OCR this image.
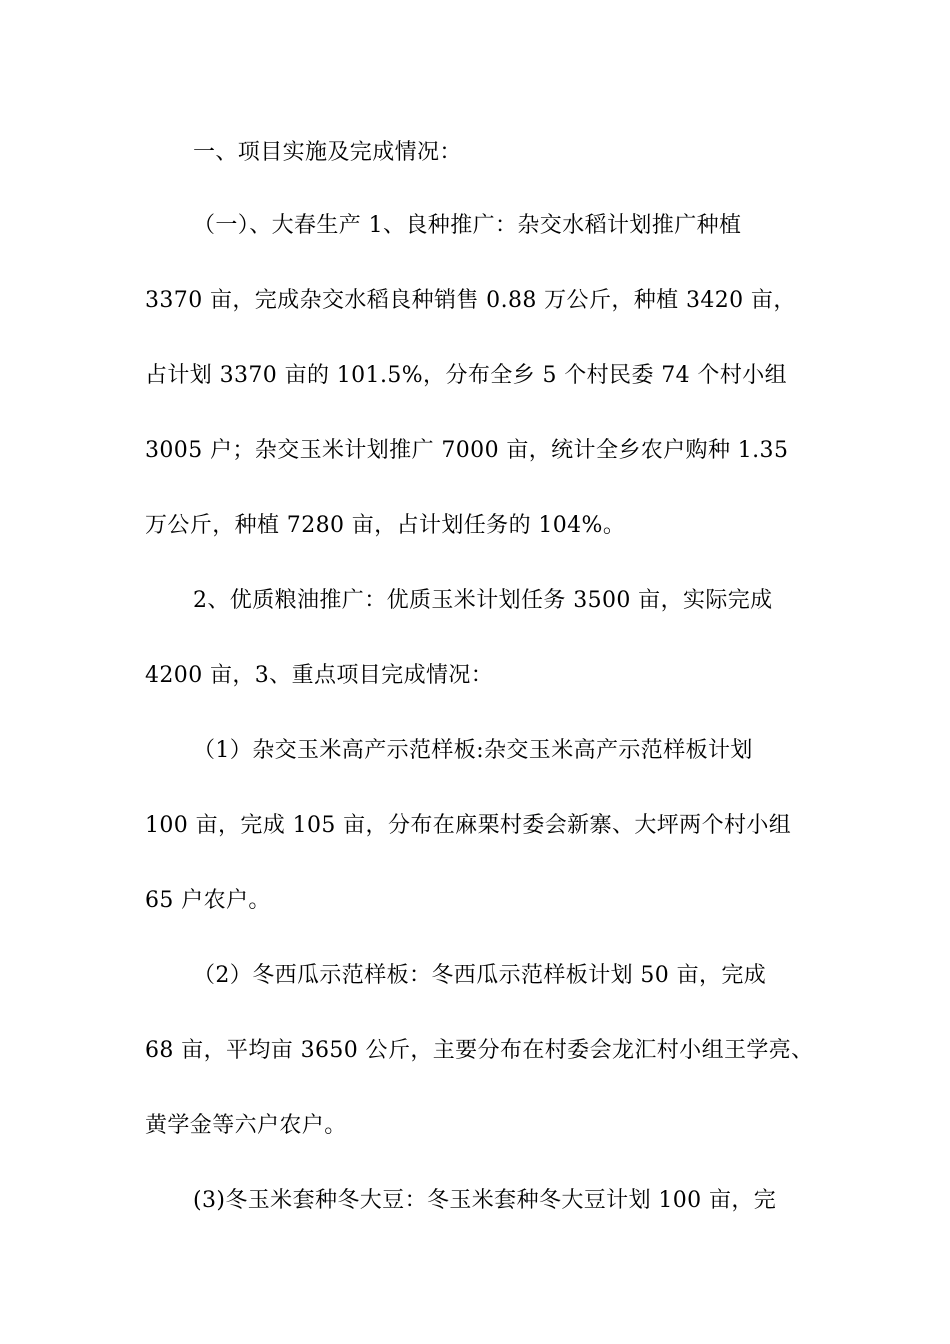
一、项目实施及完成情况：
（一）、大春生产 1、良种推广：杂交水稻计划推广种植
3370 亩，完成杂交水稻良种销售 0.88 万公斤，种植 3420 亩，
占计划 3370 亩的 101.5%，分布全乡 5 个村民委 74 个村小组
3005 户；杂交玉米计划推广 7000 亩，统计全乡农户购种 1.35
万公斤，种植 7280 亩，占计划任务的 104%。
2、优质粮油推广：优质玉米计划任务 3500 亩，实际完成
4200 亩，3、重点项目完成情况：
（1）杂交玉米高产示范样板:杂交玉米高产示范样板计划
100 亩，完成 105 亩，分布在麻栗村委会新寨、大坪两个村小组
65 户农户。
（2）冬西瓜示范样板：冬西瓜示范样板计划 50 亩，完成
68 亩，平均亩 3650 公斤，主要分布在村委会龙汇村小组王学亮、
黄学金等六户农户。
(3)冬玉米套种冬大豆：冬玉米套种冬大豆计划 100 亩，完
